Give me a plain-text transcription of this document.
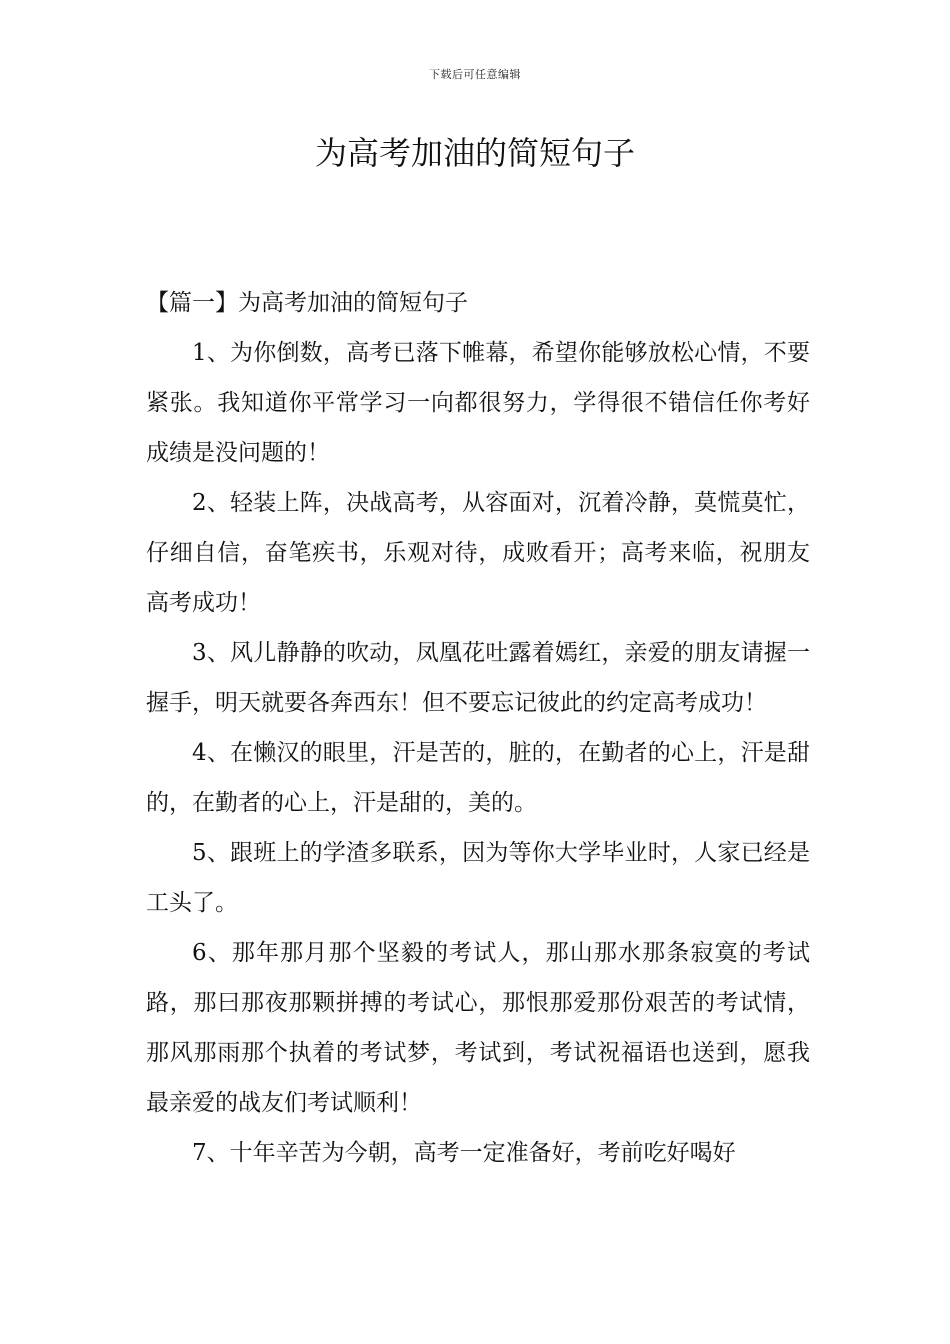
下载后可任意编辑
为高考加油的简短句子

【篇一】为高考加油的简短句子

1、为你倒数，高考已落下帷幕，希望你能够放松心情，不要紧张。我知道你平常学习一向都很努力，学得很不错信任你考好成绩是没问题的！

2、轻装上阵，决战高考，从容面对，沉着冷静，莫慌莫忙，仔细自信，奋笔疾书，乐观对待，成败看开；高考来临，祝朋友高考成功！

3、风儿静静的吹动，凤凰花吐露着嫣红，亲爱的朋友请握一握手，明天就要各奔西东！但不要忘记彼此的约定高考成功！

4、在懒汉的眼里，汗是苦的，脏的，在勤者的心上，汗是甜的，在勤者的心上，汗是甜的，美的。

5、跟班上的学渣多联系，因为等你大学毕业时，人家已经是工头了。

6、那年那月那个坚毅的考试人，那山那水那条寂寞的考试路，那曰那夜那颗拼搏的考试心，那恨那爱那份艰苦的考试情，那风那雨那个执着的考试梦，考试到，考试祝福语也送到，愿我最亲爱的战友们考试顺利！

7、十年辛苦为今朝，高考一定准备好，考前吃好喝好
